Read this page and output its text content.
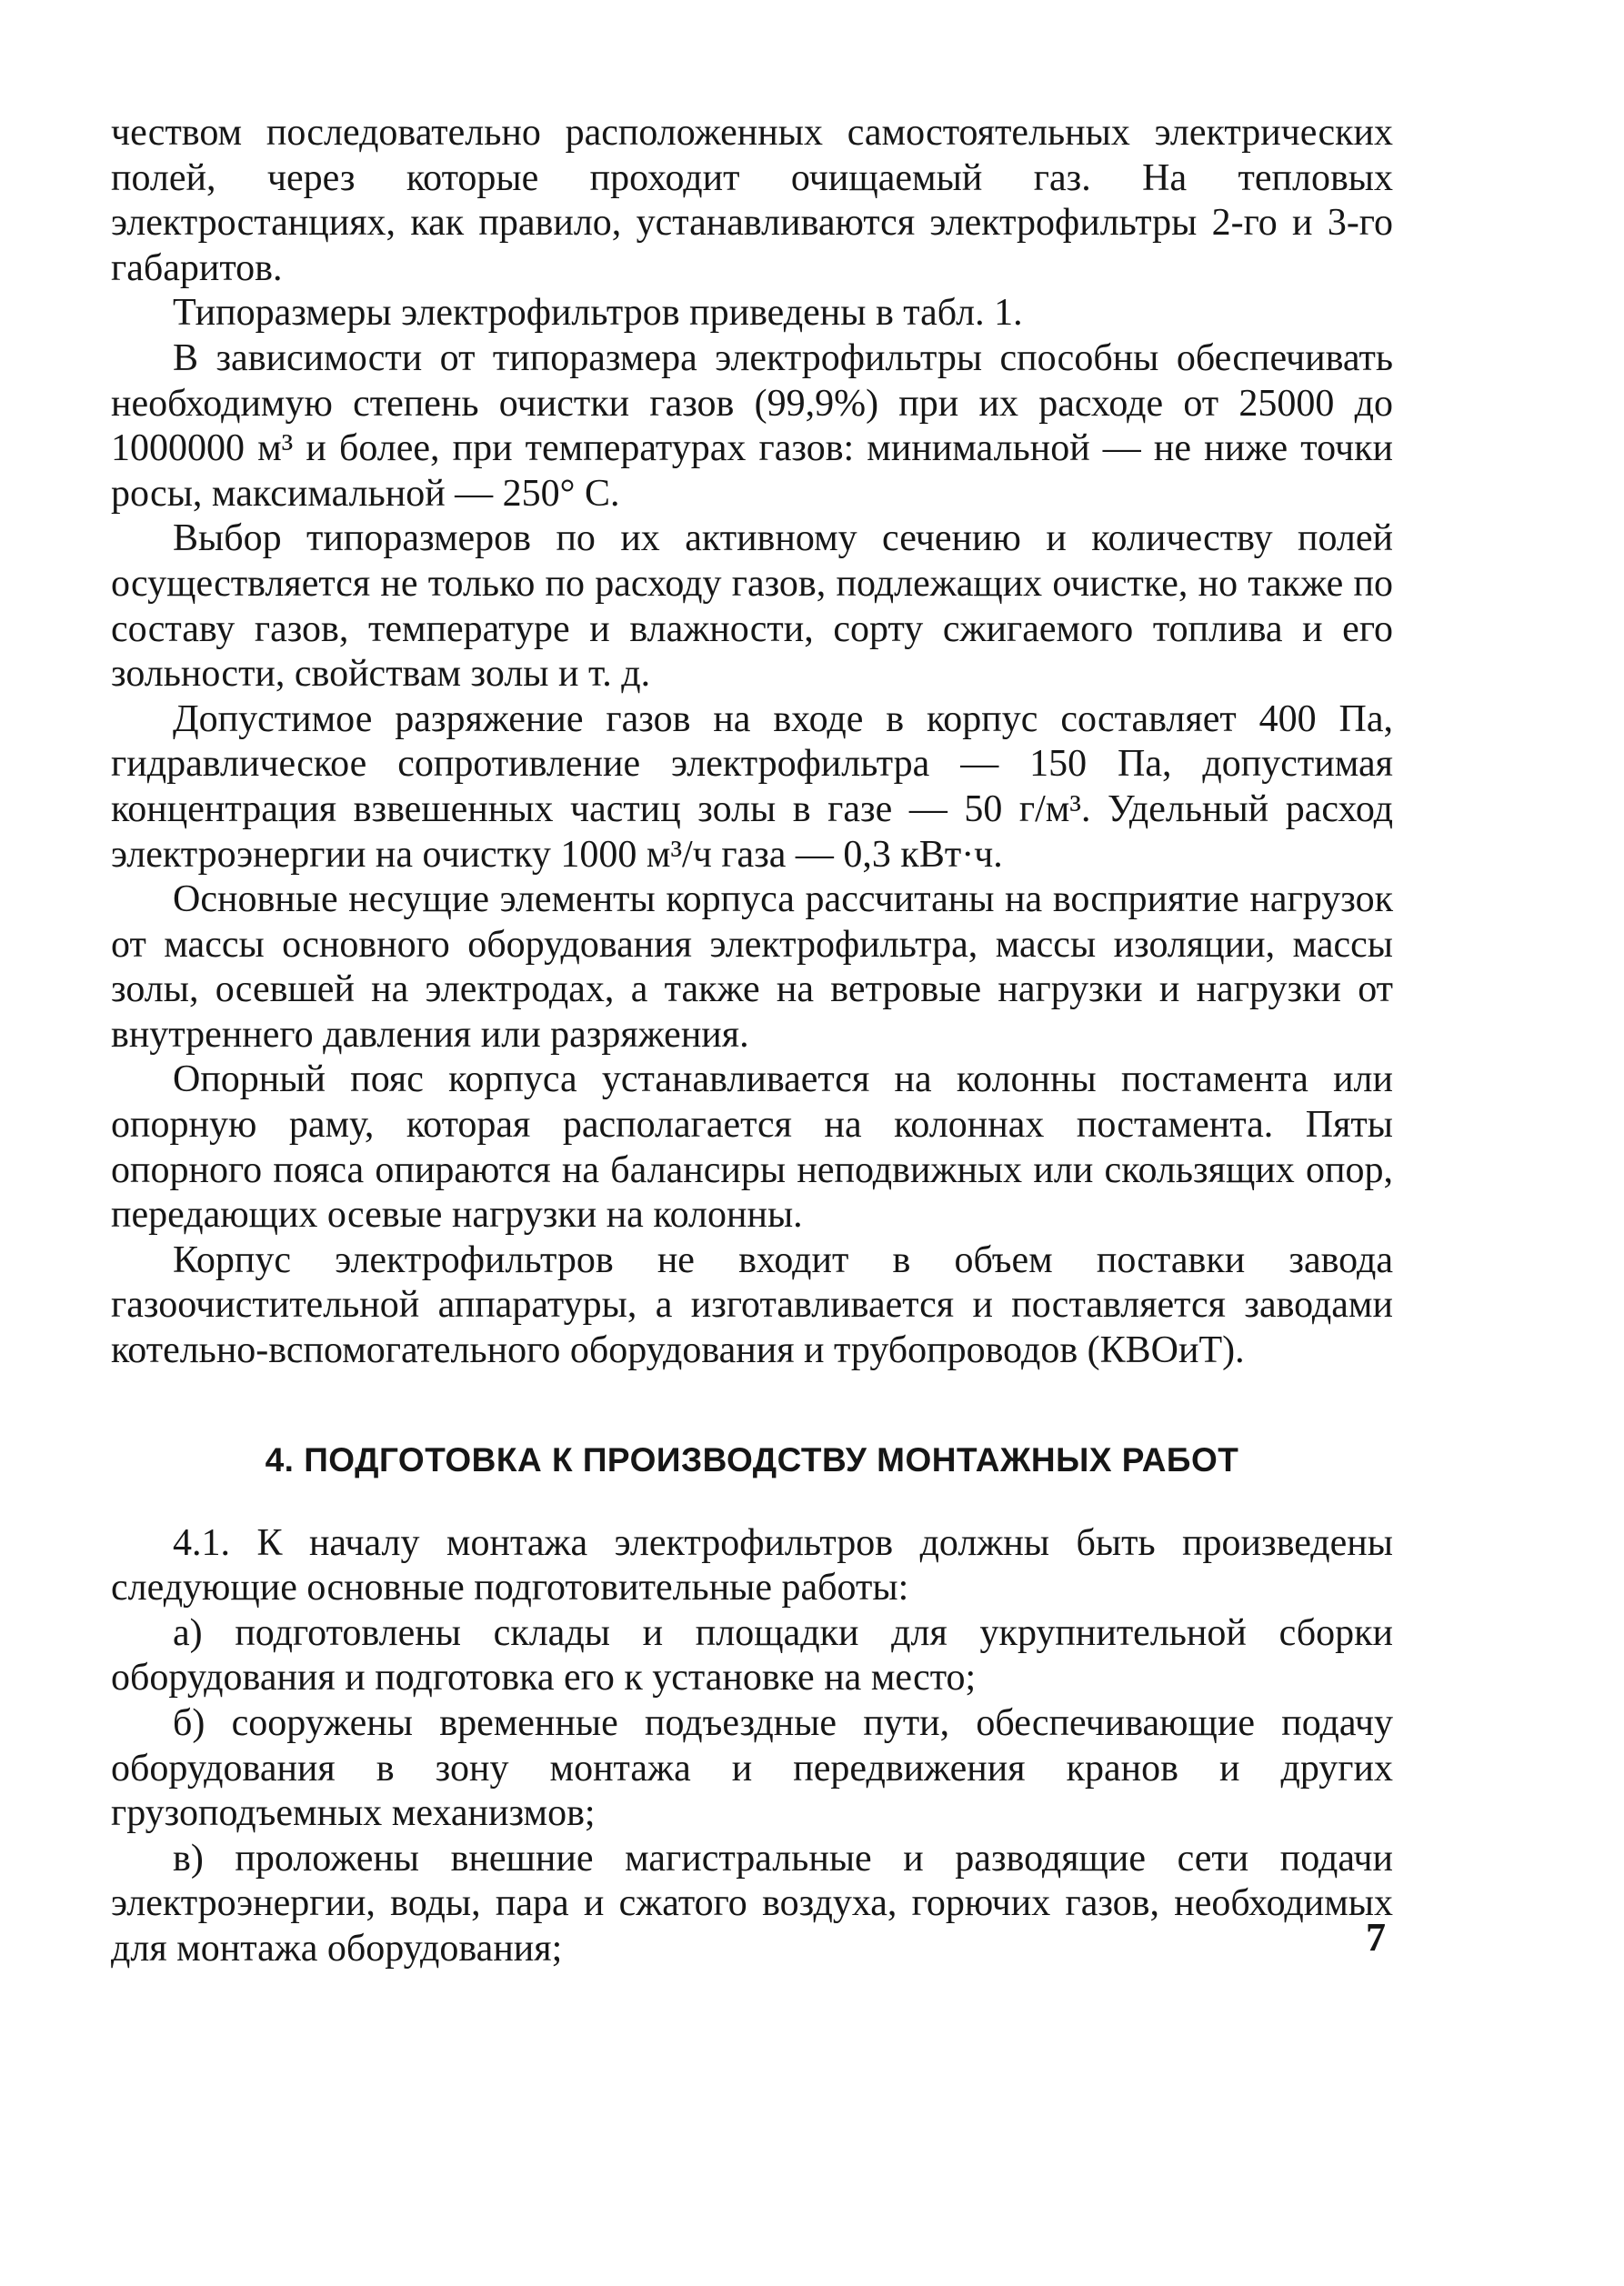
чеством последовательно расположенных самостоятельных электрических полей, через которые проходит очищаемый газ. На тепловых электростанциях, как правило, устанавливаются электрофильтры 2-го и 3-го габаритов.

Типоразмеры электрофильтров приведены в табл. 1.

В зависимости от типоразмера электрофильтры способны обеспечивать необходимую степень очистки газов (99,9%) при их расходе от 25000 до 1000000 м³ и более, при температурах газов: минимальной — не ниже точки росы, максимальной — 250° С.

Выбор типоразмеров по их активному сечению и количеству полей осуществляется не только по расходу газов, подлежащих очистке, но также по составу газов, температуре и влажности, сорту сжигаемого топлива и его зольности, свойствам золы и т. д.

Допустимое разряжение газов на входе в корпус составляет 400 Па, гидравлическое сопротивление электрофильтра — 150 Па, допустимая концентрация взвешенных частиц золы в газе — 50 г/м³. Удельный расход электроэнергии на очистку 1000 м³/ч газа — 0,3 кВт·ч.

Основные несущие элементы корпуса рассчитаны на восприятие нагрузок от массы основного оборудования электрофильтра, массы изоляции, массы золы, осевшей на электродах, а также на ветровые нагрузки и нагрузки от внутреннего давления или разряжения.

Опорный пояс корпуса устанавливается на колонны постамента или опорную раму, которая располагается на колоннах постамента. Пяты опорного пояса опираются на балансиры неподвижных или скользящих опор, передающих осевые нагрузки на колонны.

Корпус электрофильтров не входит в объем поставки завода газоочистительной аппаратуры, а изготавливается и поставляется заводами котельно-вспомогательного оборудования и трубопроводов (КВОиТ).

4. ПОДГОТОВКА К ПРОИЗВОДСТВУ МОНТАЖНЫХ РАБОТ

4.1. К началу монтажа электрофильтров должны быть произведены следующие основные подготовительные работы:

а) подготовлены склады и площадки для укрупнительной сборки оборудования и подготовка его к установке на место;

б) сооружены временные подъездные пути, обеспечивающие подачу оборудования в зону монтажа и передвижения кранов и других грузоподъемных механизмов;

в) проложены внешние магистральные и разводящие сети подачи электроэнергии, воды, пара и сжатого воздуха, горючих газов, необходимых для монтажа оборудования;	7
